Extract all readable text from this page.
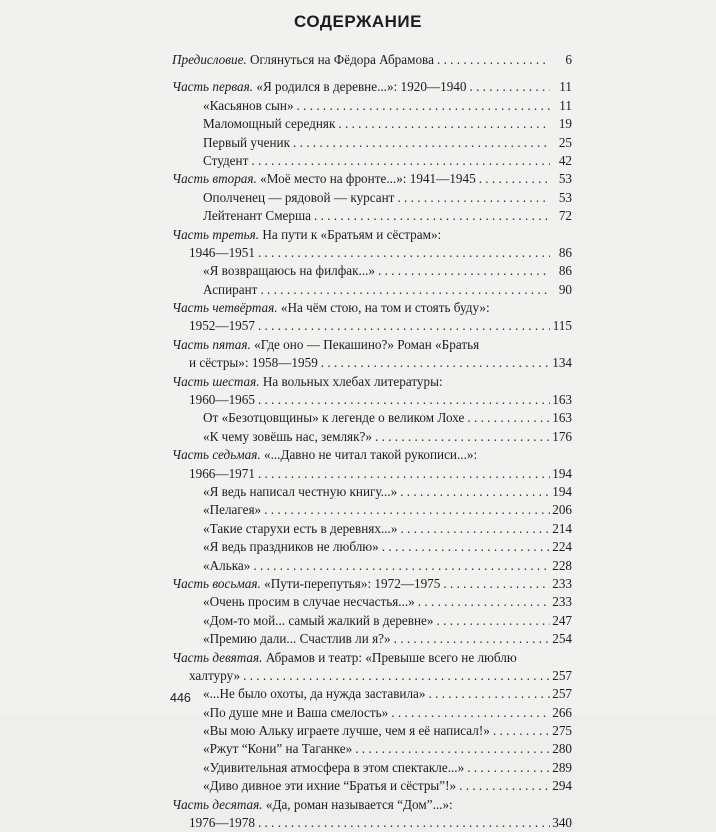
СОДЕРЖАНИЕ
Предисловие. Оглянуться на Фёдора Абрамова . . .	6
Часть первая. «Я родился в деревне...»: 1920—1940 . . .	11
«Касьянов сын» . . .	11
Маломощный середняк . . .	19
Первый ученик . . .	25
Студент . . .	42
Часть вторая. «Моё место на фронте...»: 1941—1945 . . .	53
Ополченец — рядовой — курсант . . .	53
Лейтенант Смерша . . .	72
Часть третья. На пути к «Братьям и сёстрам»:
1946—1951 . . .	86
«Я возвращаюсь на филфак...» . . .	86
Аспирант . . .	90
Часть четвёртая. «На чём стою, на том и стоять буду»:
1952—1957 . . .	115
Часть пятая. «Где оно — Пекашино?» Роман «Братья
и сёстры»: 1958—1959 . . .	134
Часть шестая. На вольных хлебах литературы:
1960—1965 . . .	163
От «Безотцовщины» к легенде о великом Лохе . . .	163
«К чему зовёшь нас, земляк?» . . .	176
Часть седьмая. «...Давно не читал такой рукописи...»:
1966—1971 . . .	194
«Я ведь написал честную книгу...» . . .	194
«Пелагея» . . .	206
«Такие старухи есть в деревнях...» . . .	214
«Я ведь праздников не люблю» . . .	224
«Алька» . . .	228
Часть восьмая. «Пути-перепутья»: 1972—1975 . . .	233
«Очень просим в случае несчастья...» . . .	233
«Дом-то мой... самый жалкий в деревне» . . .	247
«Премию дали... Счастлив ли я?» . . .	254
Часть девятая. Абрамов и театр: «Превыше всего не люблю
халтуру» . . .	257
«...Не было охоты, да нужда заставила» . . .	257
«По душе мне и Ваша смелость» . . .	266
«Вы мою Альку играете лучше, чем я её написал!» . . .	275
«Ржут “Кони” на Таганке» . . .	280
«Удивительная атмосфера в этом спектакле...» . . .	289
«Диво дивное эти ихние “Братья и сёстры”!» . . .	294
Часть десятая. «Да, роман называется “Дом”...»:
1976—1978 . . .	340
446
